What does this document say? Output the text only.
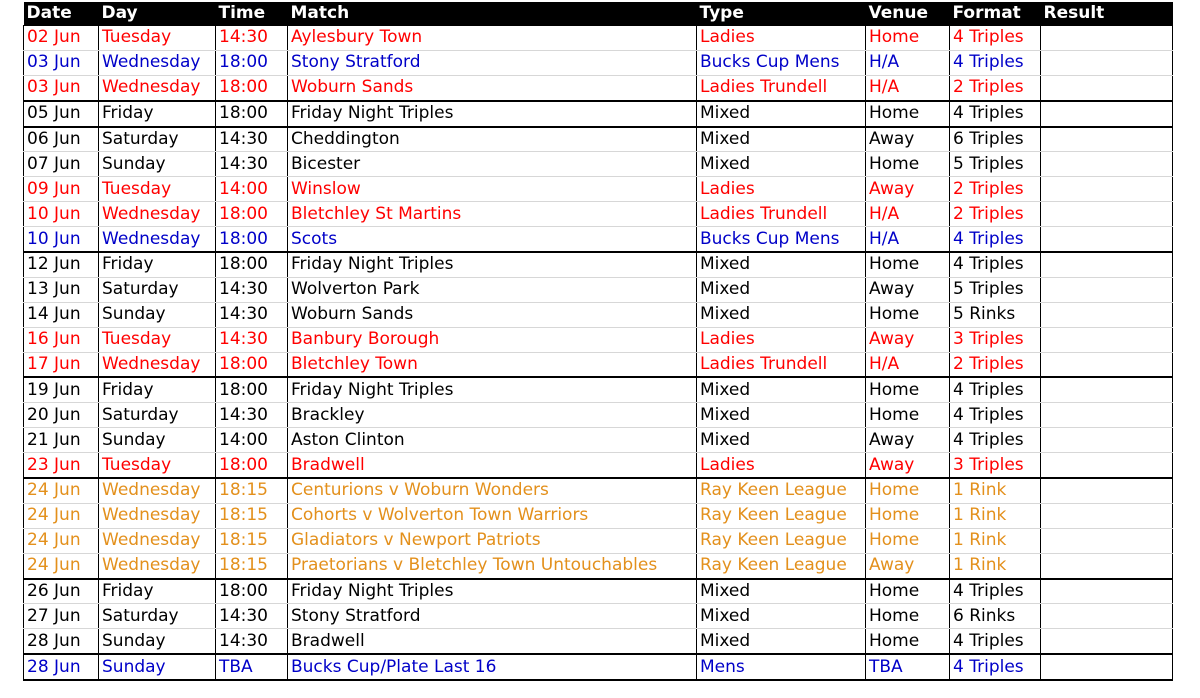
Date	Day	Time	Match	Type	Venue	Format	Result
02 Jun	Tuesday	14:30	Aylesbury Town	Ladies	Home	4 Triples	
03 Jun	Wednesday	18:00	Stony Stratford	Bucks Cup Mens	H/A	4 Triples	
03 Jun	Wednesday	18:00	Woburn Sands	Ladies Trundell	H/A	2 Triples	
05 Jun	Friday	18:00	Friday Night Triples	Mixed	Home	4 Triples	
06 Jun	Saturday	14:30	Cheddington	Mixed	Away	6 Triples	
07 Jun	Sunday	14:30	Bicester	Mixed	Home	5 Triples	
09 Jun	Tuesday	14:00	Winslow	Ladies	Away	2 Triples	
10 Jun	Wednesday	18:00	Bletchley St Martins	Ladies Trundell	H/A	2 Triples	
10 Jun	Wednesday	18:00	Scots	Bucks Cup Mens	H/A	4 Triples	
12 Jun	Friday	18:00	Friday Night Triples	Mixed	Home	4 Triples	
13 Jun	Saturday	14:30	Wolverton Park	Mixed	Away	5 Triples	
14 Jun	Sunday	14:30	Woburn Sands	Mixed	Home	5 Rinks	
16 Jun	Tuesday	14:30	Banbury Borough	Ladies	Away	3 Triples	
17 Jun	Wednesday	18:00	Bletchley Town	Ladies Trundell	H/A	2 Triples	
19 Jun	Friday	18:00	Friday Night Triples	Mixed	Home	4 Triples	
20 Jun	Saturday	14:30	Brackley	Mixed	Home	4 Triples	
21 Jun	Sunday	14:00	Aston Clinton	Mixed	Away	4 Triples	
23 Jun	Tuesday	18:00	Bradwell	Ladies	Away	3 Triples	
24 Jun	Wednesday	18:15	Centurions v Woburn Wonders	Ray Keen League	Home	1 Rink	
24 Jun	Wednesday	18:15	Cohorts v Wolverton Town Warriors	Ray Keen League	Home	1 Rink	
24 Jun	Wednesday	18:15	Gladiators v Newport Patriots	Ray Keen League	Home	1 Rink	
24 Jun	Wednesday	18:15	Praetorians v Bletchley Town Untouchables	Ray Keen League	Away	1 Rink	
26 Jun	Friday	18:00	Friday Night Triples	Mixed	Home	4 Triples	
27 Jun	Saturday	14:30	Stony Stratford	Mixed	Home	6 Rinks	
28 Jun	Sunday	14:30	Bradwell	Mixed	Home	4 Triples	
28 Jun	Sunday	TBA	Bucks Cup/Plate Last 16	Mens	TBA	4 Triples	
